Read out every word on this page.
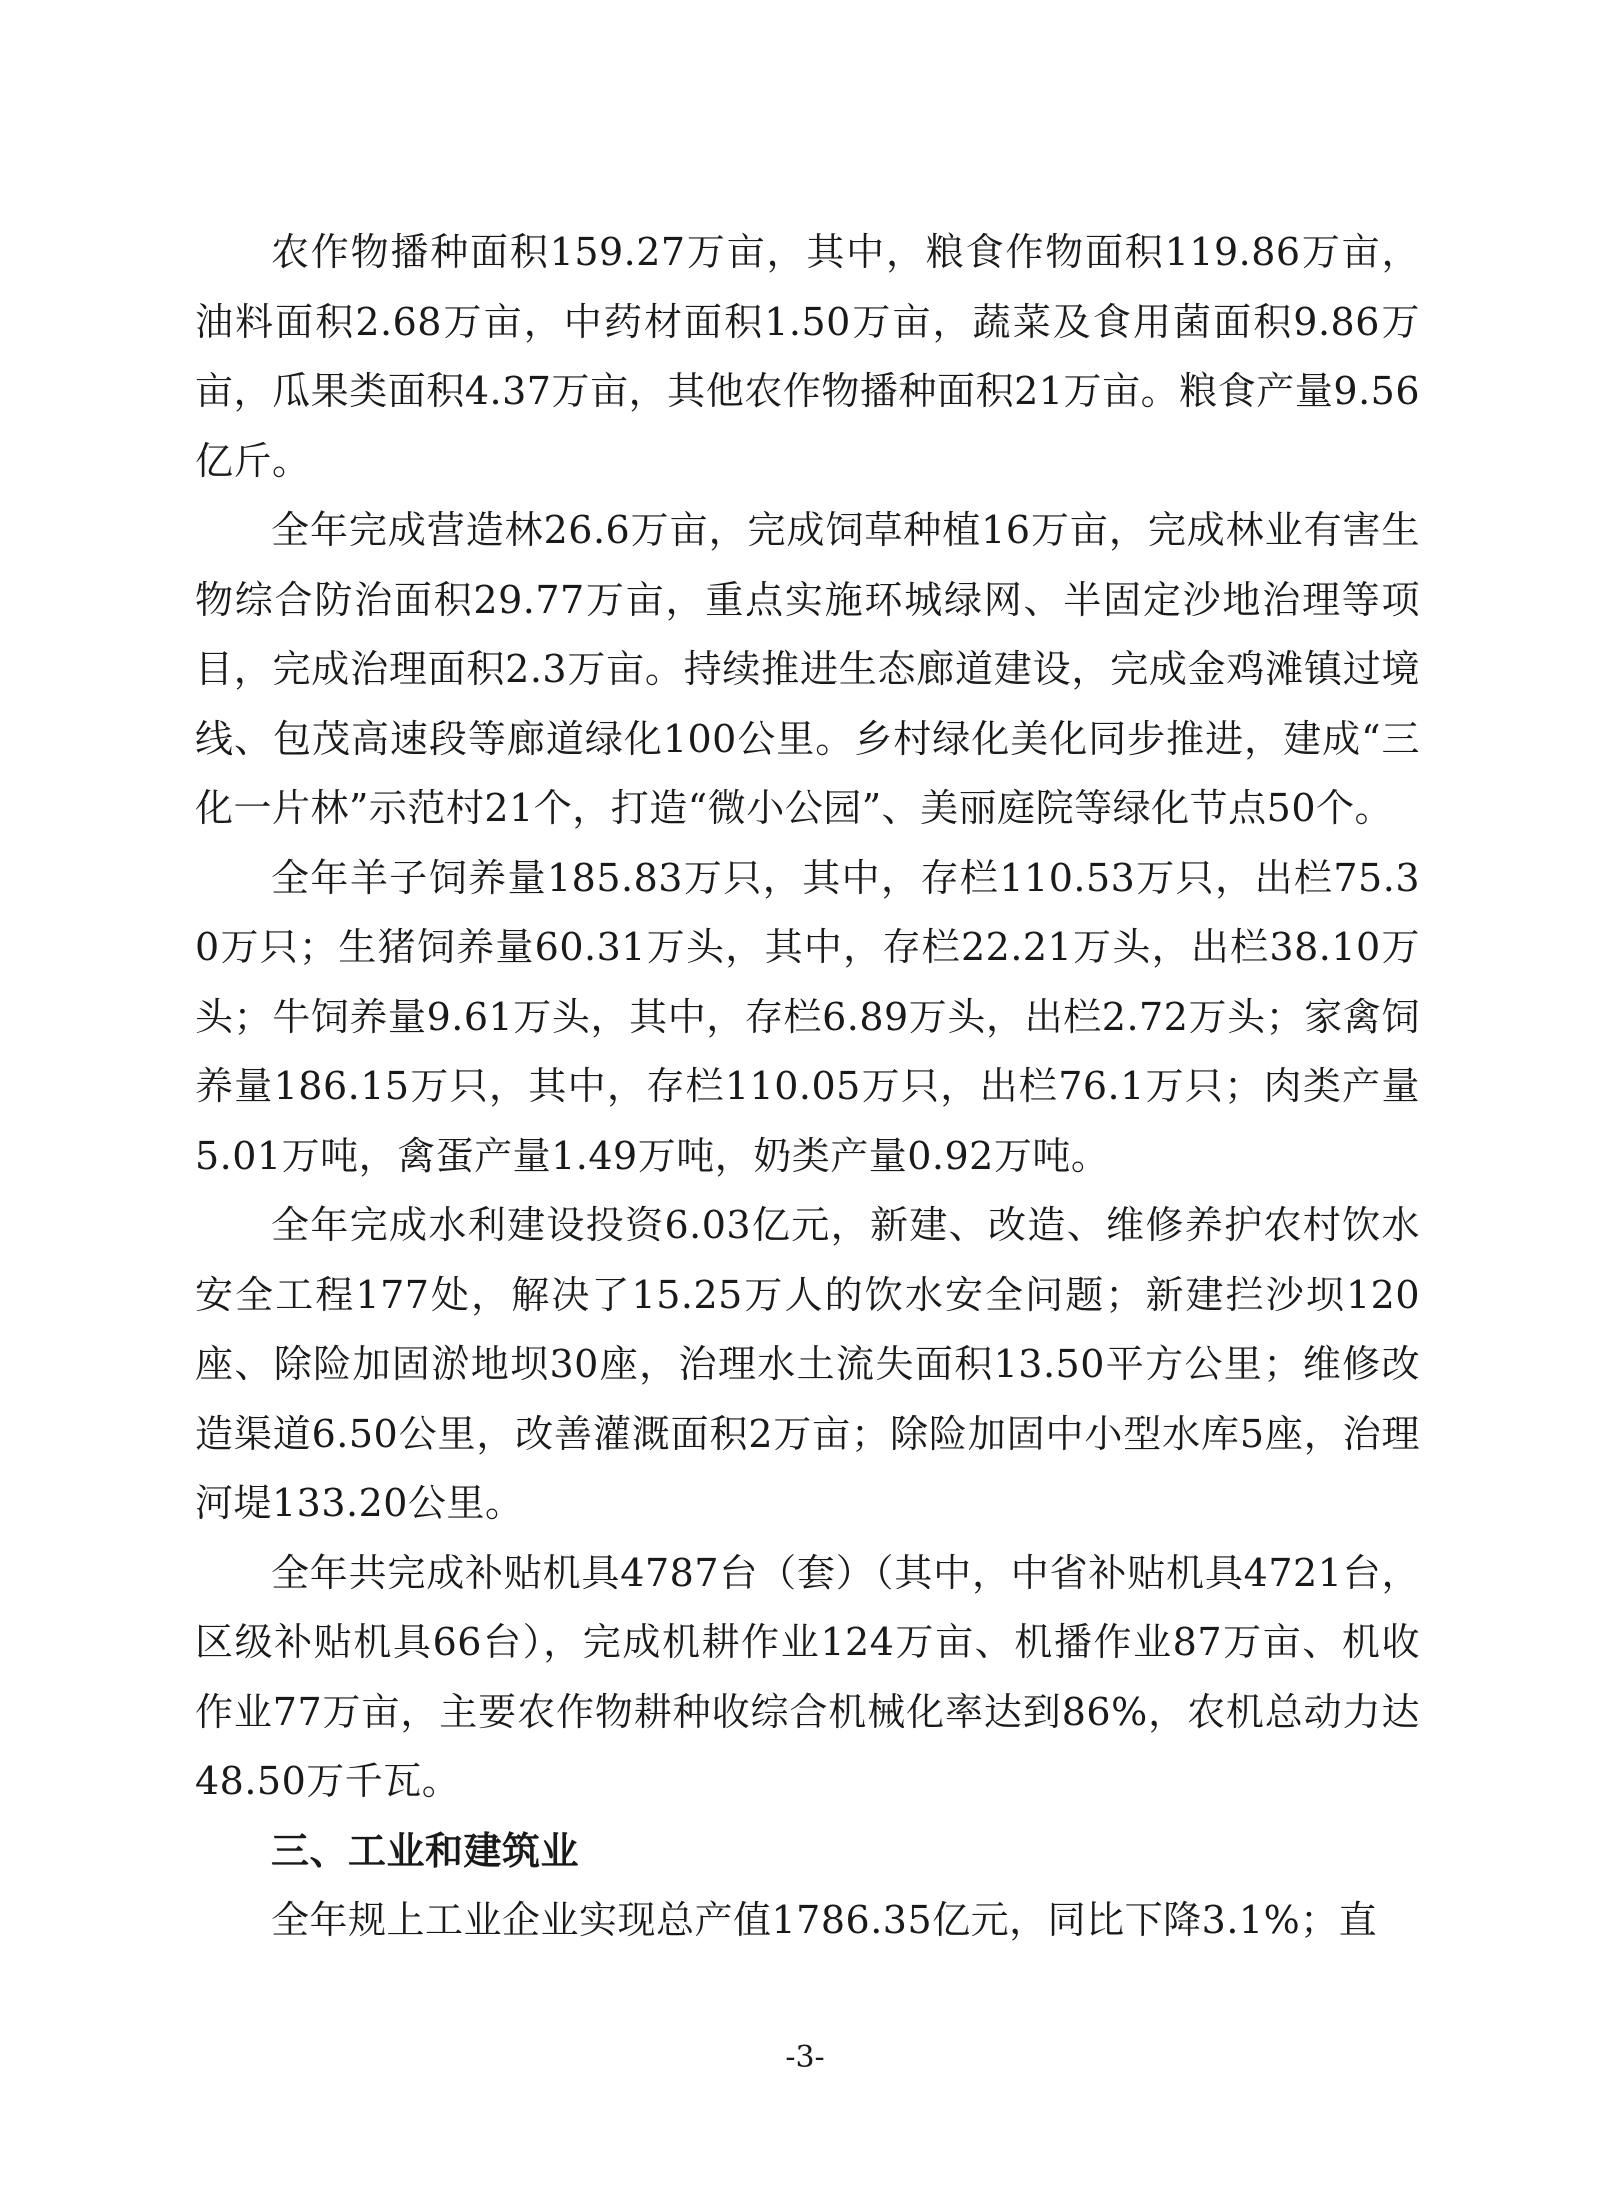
农作物播种面积159.27万亩，其中，粮食作物面积119.86万亩，油料面积2.68万亩，中药材面积1.50万亩，蔬菜及食用菌面积9.86万亩，瓜果类面积4.37万亩，其他农作物播种面积21万亩。粮食产量9.56亿斤。

全年完成营造林26.6万亩，完成饲草种植16万亩，完成林业有害生物综合防治面积29.77万亩，重点实施环城绿网、半固定沙地治理等项目，完成治理面积2.3万亩。持续推进生态廊道建设，完成金鸡滩镇过境线、包茂高速段等廊道绿化100公里。乡村绿化美化同步推进，建成“三化一片林”示范村21个，打造“微小公园”、美丽庭院等绿化节点50个。

全年羊子饲养量185.83万只，其中，存栏110.53万只，出栏75.30万只；生猪饲养量60.31万头，其中，存栏22.21万头，出栏38.10万头；牛饲养量9.61万头，其中，存栏6.89万头，出栏2.72万头；家禽饲养量186.15万只，其中，存栏110.05万只，出栏76.1万只；肉类产量5.01万吨，禽蛋产量1.49万吨，奶类产量0.92万吨。

全年完成水利建设投资6.03亿元，新建、改造、维修养护农村饮水安全工程177处，解决了15.25万人的饮水安全问题；新建拦沙坝120座、除险加固淤地坝30座，治理水土流失面积13.50平方公里；维修改造渠道6.50公里，改善灌溉面积2万亩；除险加固中小型水库5座，治理河堤133.20公里。

全年共完成补贴机具4787台（套）（其中，中省补贴机具4721台，区级补贴机具66台），完成机耕作业124万亩、机播作业87万亩、机收作业77万亩，主要农作物耕种收综合机械化率达到86%，农机总动力达48.50万千瓦。

三、工业和建筑业

全年规上工业企业实现总产值1786.35亿元，同比下降3.1%；直

-3-
